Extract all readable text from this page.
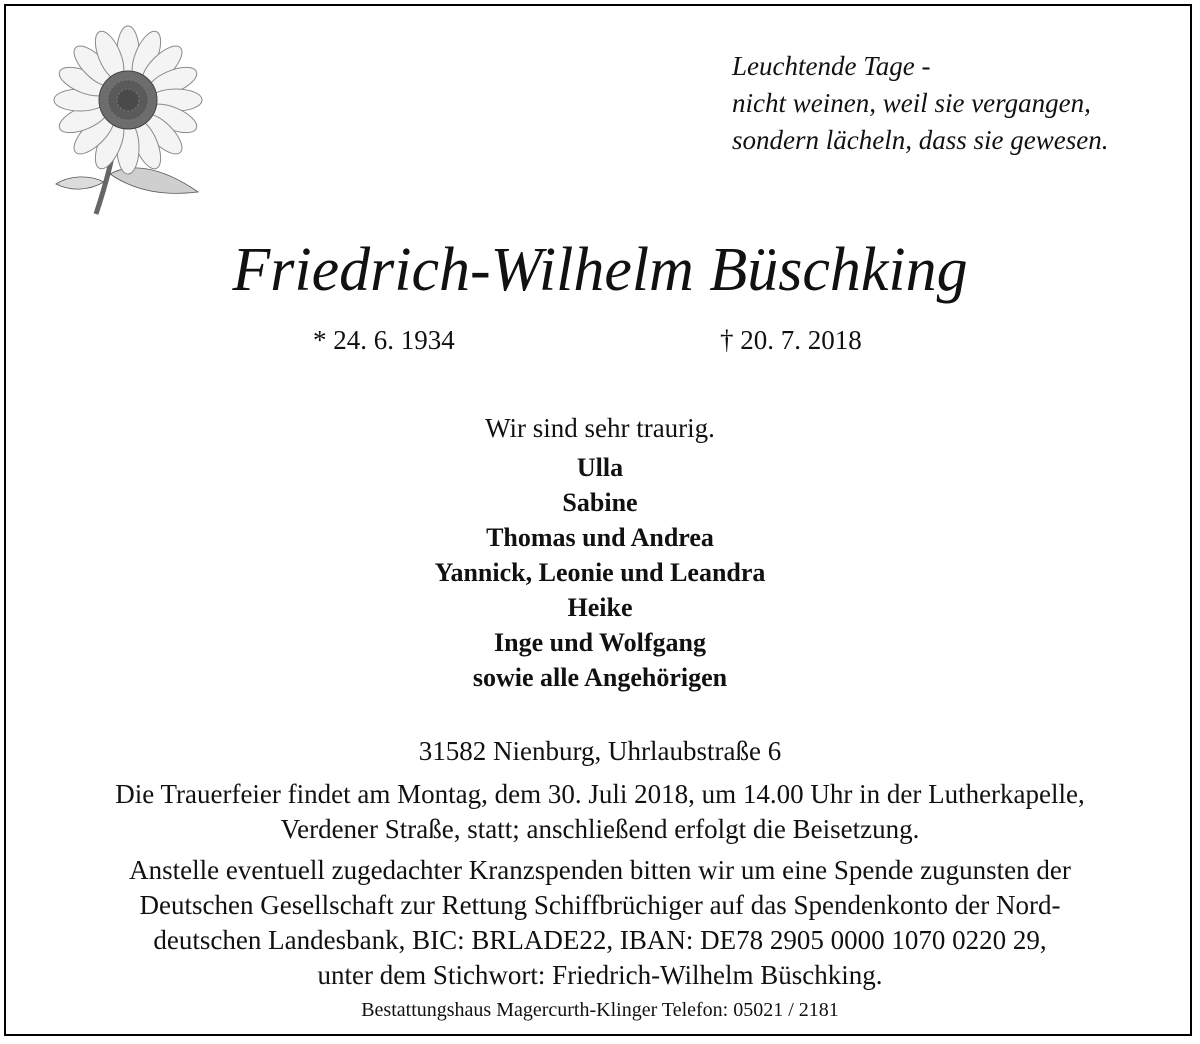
Leuchtende Tage -
nicht weinen, weil sie vergangen,
sondern lächeln, dass sie gewesen.
Friedrich-Wilhelm Büschking
* 24. 6. 1934	† 20. 7. 2018
Wir sind sehr traurig.
Ulla
Sabine
Thomas und Andrea
Yannick, Leonie und Leandra
Heike
Inge und Wolfgang
sowie alle Angehörigen
31582 Nienburg, Uhrlaubstraße 6
Die Trauerfeier findet am Montag, dem 30. Juli 2018, um 14.00 Uhr in der Lutherkapelle,
Verdener Straße, statt; anschließend erfolgt die Beisetzung.
Anstelle eventuell zugedachter Kranzspenden bitten wir um eine Spende zugunsten der
Deutschen Gesellschaft zur Rettung Schiffbrüchiger auf das Spendenkonto der Nord-
deutschen Landesbank, BIC: BRLADE22, IBAN: DE78 2905 0000 1070 0220 29,
unter dem Stichwort: Friedrich-Wilhelm Büschking.
Bestattungshaus Magercurth-Klinger Telefon: 05021 / 2181
